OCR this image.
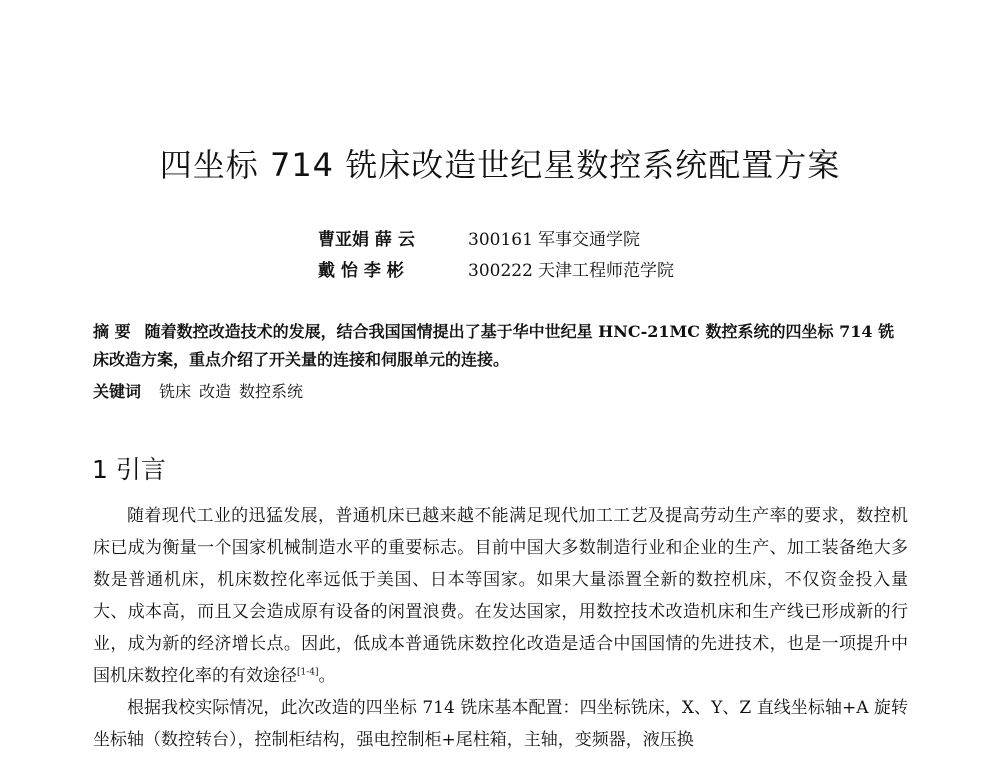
四坐标 714 铣床改造世纪星数控系统配置方案
曹亚娟 薛 云	300161 军事交通学院
戴 怡 李 彬	300222 天津工程师范学院
摘 要 随着数控改造技术的发展，结合我国国情提出了基于华中世纪星 HNC-21MC 数控系统的四坐标 714 铣床改造方案，重点介绍了开关量的连接和伺服单元的连接。
关键词 铣床 改造 数控系统
1 引言

随着现代工业的迅猛发展，普通机床已越来越不能满足现代加工工艺及提高劳动生产率的要求，数控机床已成为衡量一个国家机械制造水平的重要标志。目前中国大多数制造行业和企业的生产、加工装备绝大多数是普通机床，机床数控化率远低于美国、日本等国家。如果大量添置全新的数控机床，不仅资金投入量大、成本高，而且又会造成原有设备的闲置浪费。在发达国家，用数控技术改造机床和生产线已形成新的行业，成为新的经济增长点。因此，低成本普通铣床数控化改造是适合中国国情的先进技术，也是一项提升中国机床数控化率的有效途径[1-4]。

根据我校实际情况，此次改造的四坐标 714 铣床基本配置：四坐标铣床，X、Y、Z 直线坐标轴+A 旋转坐标轴（数控转台），控制柜结构，强电控制柜+尾柱箱，主轴，变频器，液压换
